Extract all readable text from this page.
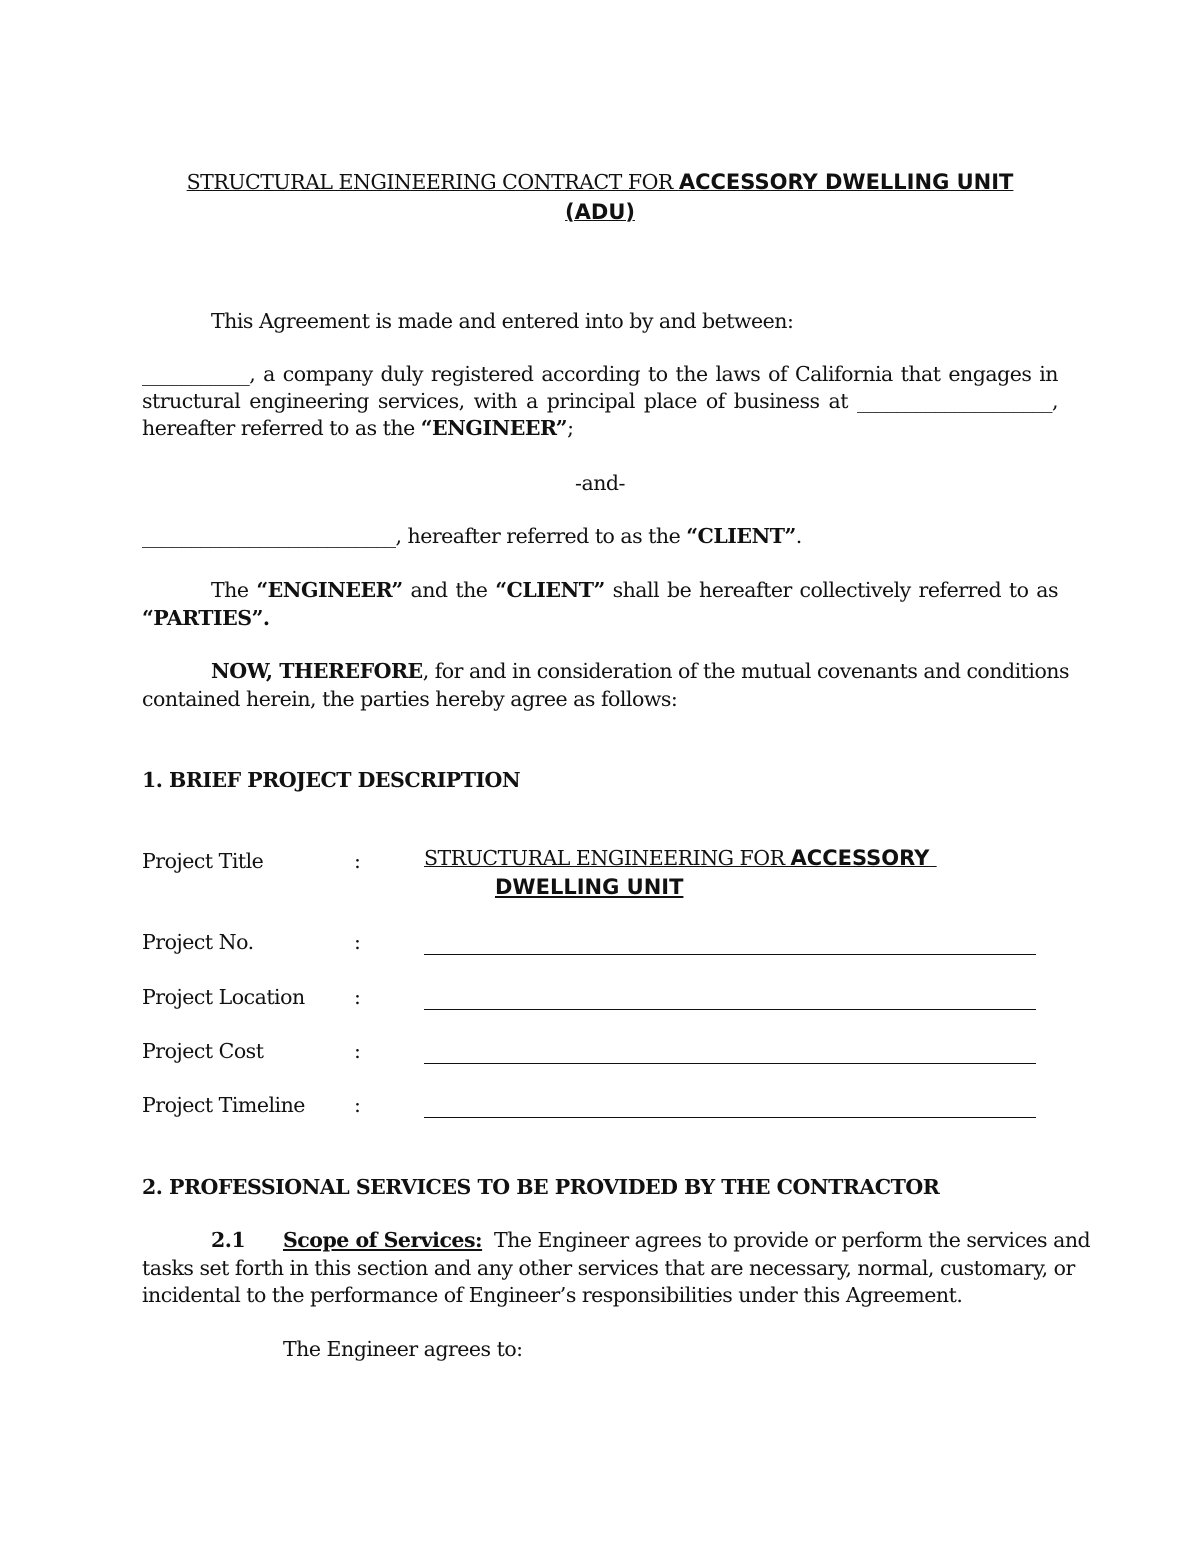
STRUCTURAL ENGINEERING CONTRACT FOR ACCESSORY DWELLING UNIT
(ADU)
This Agreement is made and entered into by and between:
___________, a company duly registered according to the laws of California that engages in
structural engineering services, with a principal place of business at ____________________,
hereafter referred to as the “ENGINEER”;
-and-
__________________________, hereafter referred to as the “CLIENT”.
The “ENGINEER” and the “CLIENT” shall be hereafter collectively referred to as
“PARTIES”.
NOW, THEREFORE, for and in consideration of the mutual covenants and conditions
contained herein, the parties hereby agree as follows:
1. BRIEF PROJECT DESCRIPTION
Project Title	:	STRUCTURAL ENGINEERING FOR ACCESSORY
DWELLING UNIT
Project No.	:
Project Location :
Project Cost	:
Project Timeline :
2. PROFESSIONAL SERVICES TO BE PROVIDED BY THE CONTRACTOR
2.1 Scope of Services: The Engineer agrees to provide or perform the services and
tasks set forth in this section and any other services that are necessary, normal, customary, or
incidental to the performance of Engineer’s responsibilities under this Agreement.
The Engineer agrees to:
